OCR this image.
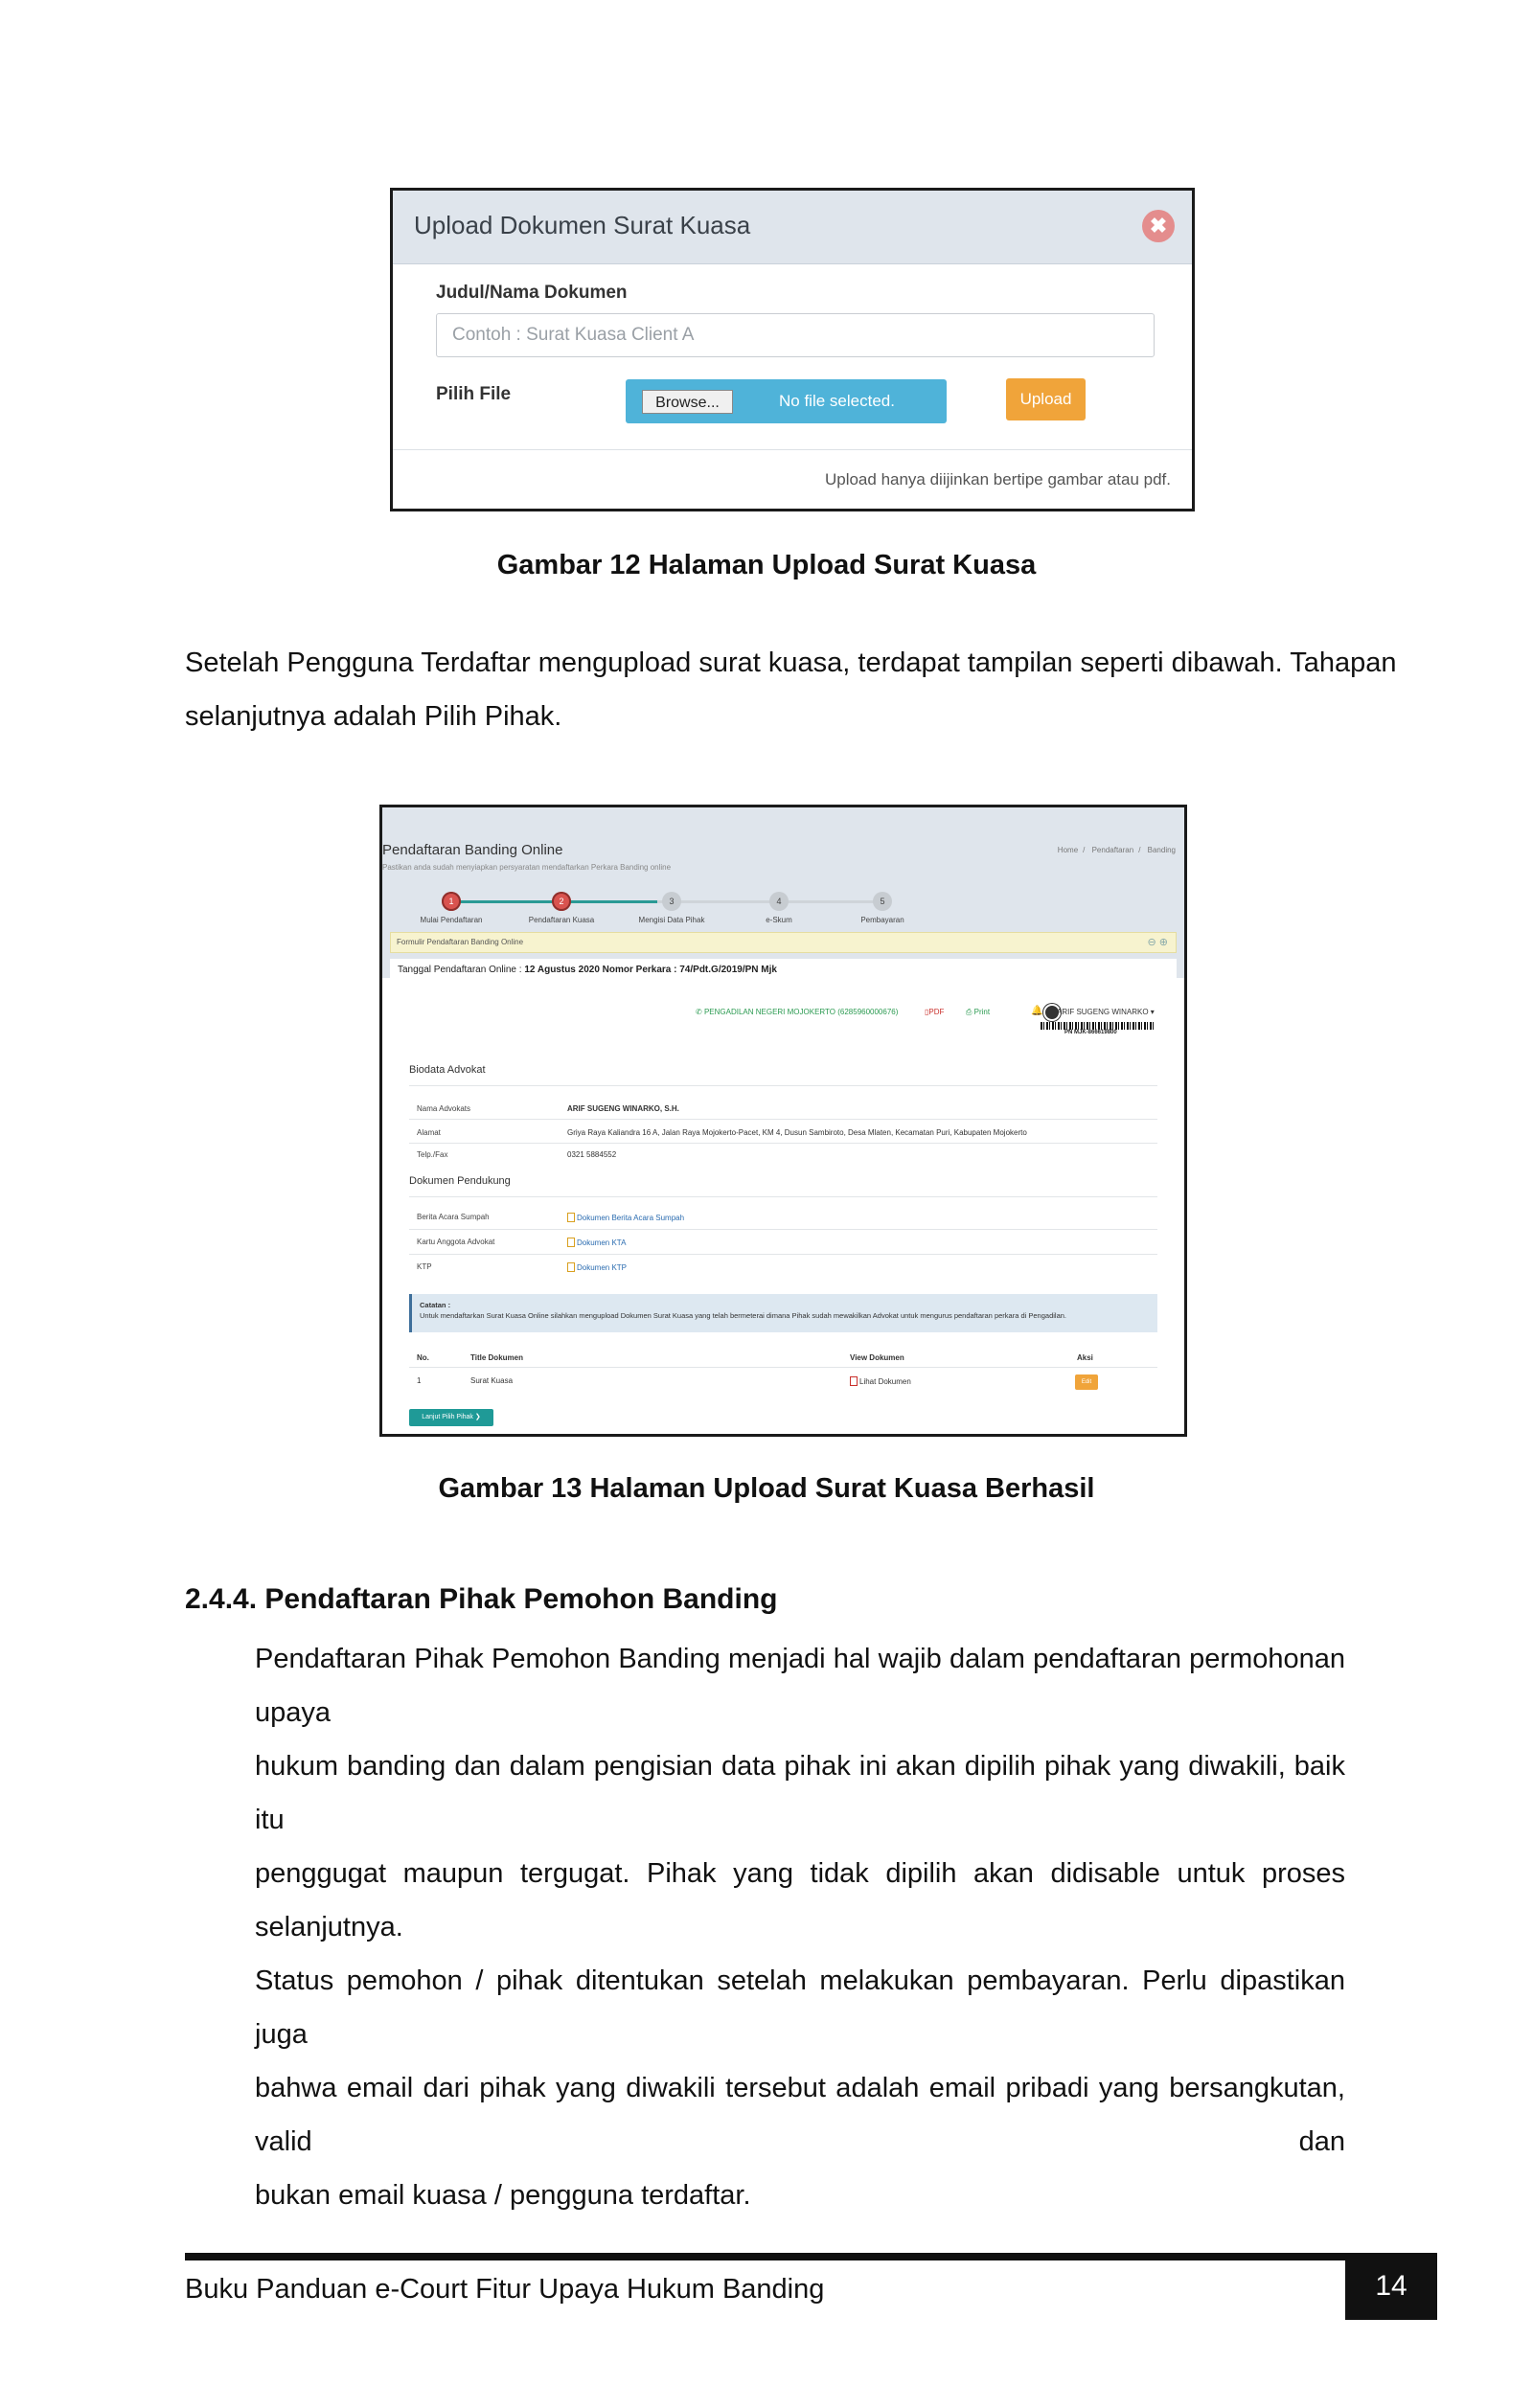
Upload Dokumen Surat Kuasa	✖
Judul/Nama Dokumen
Contoh : Surat Kuasa Client A
Pilih File	Browse...	No file selected.	Upload
Upload hanya diijinkan bertipe gambar atau pdf.
Gambar 12 Halaman Upload Surat Kuasa
Setelah Pengguna Terdaftar mengupload surat kuasa, terdapat tampilan seperti dibawah. Tahapan
selanjutnya adalah Pilih Pihak.
Pendaftaran Banding Online
Pastikan anda sudah menyiapkan persyaratan mendaftarkan Perkara Banding online
Home / Pendaftaran / Banding
1
Mulai Pendaftaran
2
Pendaftaran Kuasa
3
Mengisi Data Pihak
4
e-Skum
5
Pembayaran
Formulir Pendaftaran Banding Online	⊖ ⊕
Tanggal Pendaftaran Online : 12 Agustus 2020 Nomor Perkara : 74/Pdt.G/2019/PN Mjk
✆ PENGADILAN NEGERI MOJOKERTO (6285960000676)	▯PDF	⎙ Print	🔔 ARIF SUGENG WINARKO ▾
PN MJK-866619800
Biodata Advokat
Nama Advokats	ARIF SUGENG WINARKO, S.H.
Alamat	Griya Raya Kaliandra 16 A, Jalan Raya Mojokerto-Pacet, KM 4, Dusun Sambiroto, Desa Mlaten, Kecamatan Puri, Kabupaten Mojokerto
Telp./Fax	0321 5884552
Dokumen Pendukung
Berita Acara Sumpah	Dokumen Berita Acara Sumpah
Kartu Anggota Advokat	Dokumen KTA
KTP	Dokumen KTP
Catatan :
Untuk mendaftarkan Surat Kuasa Online silahkan mengupload Dokumen Surat Kuasa yang telah bermeterai dimana Pihak sudah mewakilkan Advokat untuk mengurus pendaftaran perkara di Pengadilan.
No.	Title Dokumen	View Dokumen	Aksi
1	Surat Kuasa	Lihat Dokumen	Edit
Lanjut Pilih Pihak ❯
Gambar 13 Halaman Upload Surat Kuasa Berhasil
2.4.4. Pendaftaran Pihak Pemohon Banding
Pendaftaran Pihak Pemohon Banding menjadi hal wajib dalam pendaftaran permohonan upaya
hukum banding dan dalam pengisian data pihak ini akan dipilih pihak yang diwakili, baik itu
penggugat maupun tergugat. Pihak yang tidak dipilih akan didisable untuk proses selanjutnya.
Status pemohon / pihak ditentukan setelah melakukan pembayaran. Perlu dipastikan juga
bahwa email dari pihak yang diwakili tersebut adalah email pribadi yang bersangkutan, valid dan
bukan email kuasa / pengguna terdaftar.
Buku Panduan e-Court Fitur Upaya Hukum Banding	14
